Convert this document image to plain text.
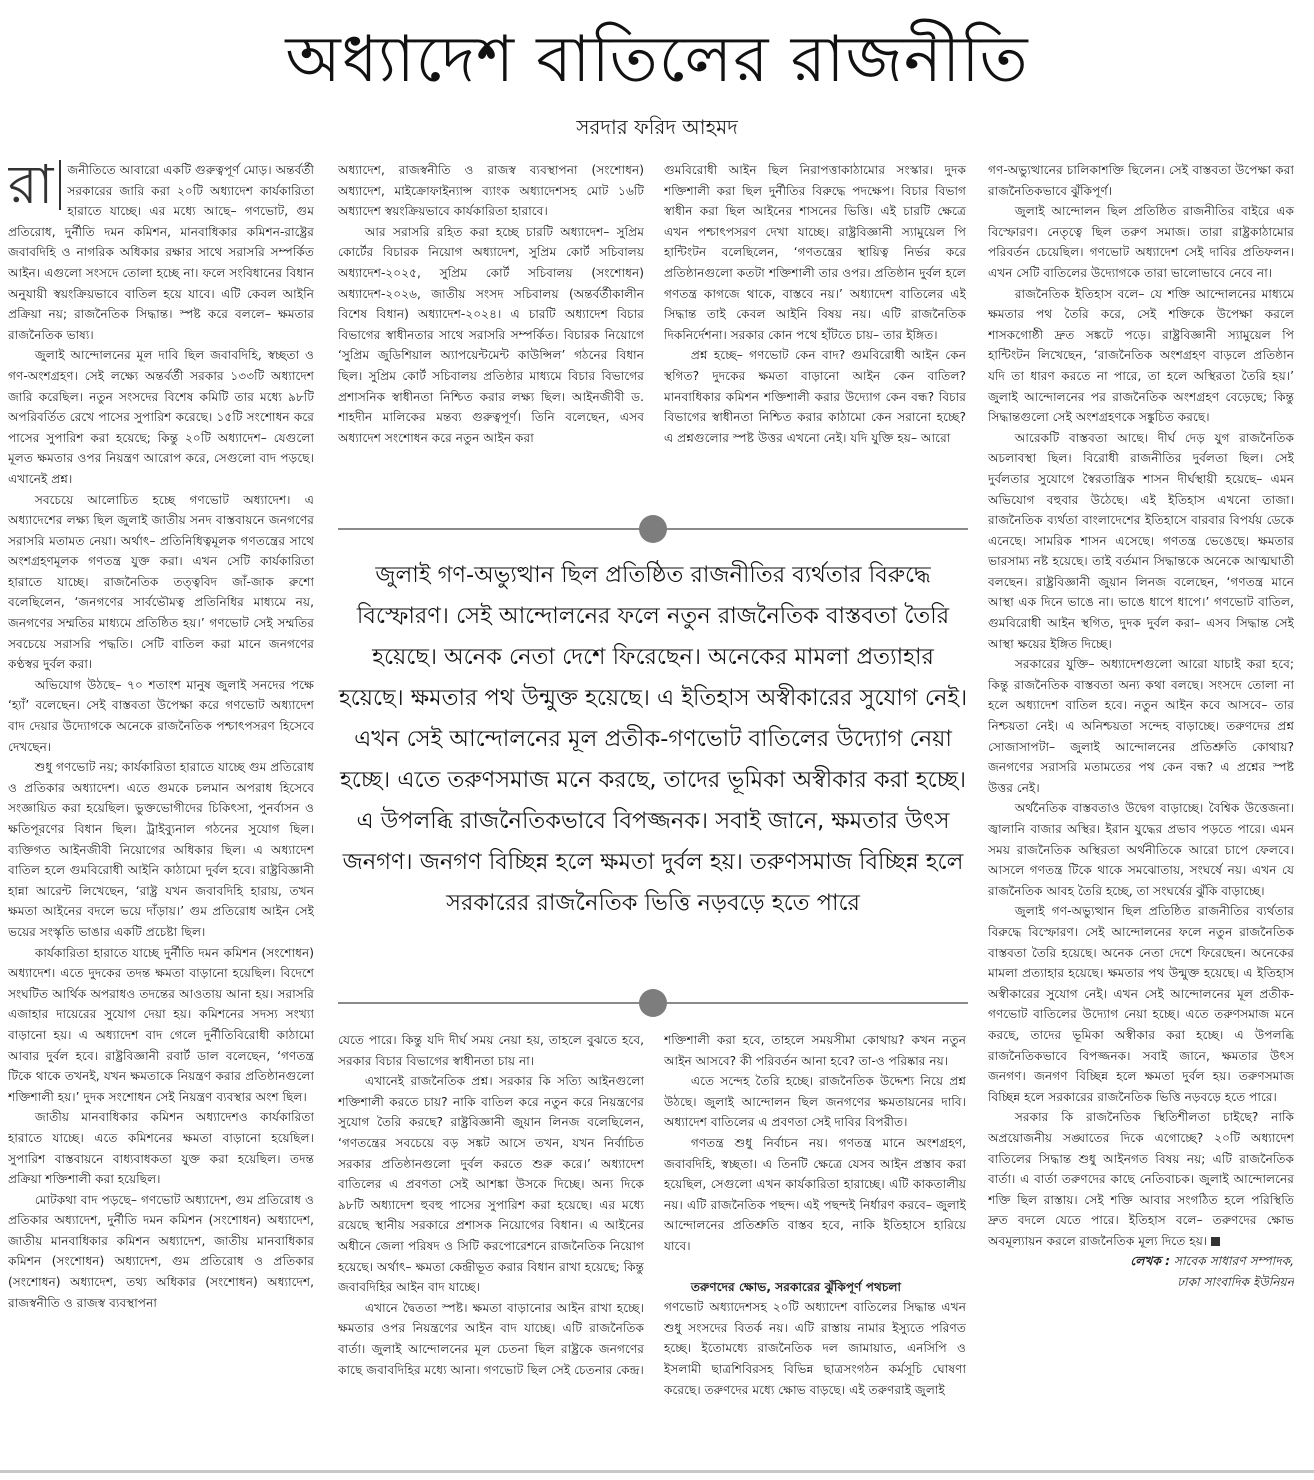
অধ্যাদেশ বাতিলের রাজনীতি
সরদার ফরিদ আহমদ

রা	জনীতিতে আবারো একটি গুরুত্বপূর্ণ মোড়। অন্তর্বর্তী সরকারের জারি করা ২০টি অধ্যাদেশ কার্যকারিতা হারাতে যাচ্ছে। এর মধ্যে আছে– গণভোট, গুম প্রতিরোধ, দুর্নীতি দমন কমিশন, মানবাধিকার কমিশন-রাষ্ট্রের জবাবদিহি ও নাগরিক অধিকার রক্ষার সাথে সরাসরি সম্পর্কিত আইন। এগুলো সংসদে তোলা হচ্ছে না। ফলে সংবিধানের বিধান অনুযায়ী স্বয়ংক্রিয়ভাবে বাতিল হয়ে যাবে। এটি কেবল আইনি প্রক্রিয়া নয়; রাজনৈতিক সিদ্ধান্ত। স্পষ্ট করে বললে– ক্ষমতার রাজনৈতিক ভাষ্য।

জুলাই আন্দোলনের মূল দাবি ছিল জবাবদিহি, স্বচ্ছতা ও গণ-অংশগ্রহণ। সেই লক্ষ্যে অন্তর্বর্তী সরকার ১৩৩টি অধ্যাদেশ জারি করেছিল। নতুন সংসদের বিশেষ কমিটি তার মধ্যে ৯৮টি অপরিবর্তিত রেখে পাসের সুপারিশ করেছে। ১৫টি সংশোধন করে পাসের সুপারিশ করা হয়েছে; কিন্তু ২০টি অধ্যাদেশ– যেগুলো মূলত ক্ষমতার ওপর নিয়ন্ত্রণ আরোপ করে, সেগুলো বাদ পড়ছে। এখানেই প্রশ্ন।

সবচেয়ে আলোচিত হচ্ছে গণভোট অধ্যাদেশ। এ অধ্যাদেশের লক্ষ্য ছিল জুলাই জাতীয় সনদ বাস্তবায়নে জনগণের সরাসরি মতামত নেয়া। অর্থাৎ– প্রতিনিধিত্বমূলক গণতন্ত্রের সাথে অংশগ্রহণমূলক গণতন্ত্র যুক্ত করা। এখন সেটি কার্যকারিতা হারাতে যাচ্ছে। রাজনৈতিক তত্ত্ববিদ জাঁ-জাক রুশো বলেছিলেন, ‘জনগণের সার্বভৌমত্ব প্রতিনিধির মাধ্যমে নয়, জনগণের সম্মতির মাধ্যমে প্রতিষ্ঠিত হয়।’ গণভোট সেই সম্মতির সবচেয়ে সরাসরি পদ্ধতি। সেটি বাতিল করা মানে জনগণের কণ্ঠস্বর দুর্বল করা।

অভিযোগ উঠছে– ৭০ শতাংশ মানুষ জুলাই সনদের পক্ষে ‘হ্যাঁ’ বলেছেন। সেই বাস্তবতা উপেক্ষা করে গণভোট অধ্যাদেশ বাদ দেয়ার উদ্যোগকে অনেকে রাজনৈতিক পশ্চাৎপসরণ হিসেবে দেখছেন।

শুধু গণভোট নয়; কার্যকারিতা হারাতে যাচ্ছে গুম প্রতিরোধ ও প্রতিকার অধ্যাদেশ। এতে গুমকে চলমান অপরাধ হিসেবে সংজ্ঞায়িত করা হয়েছিল। ভুক্তভোগীদের চিকিৎসা, পুনর্বাসন ও ক্ষতিপূরণের বিধান ছিল। ট্রাইব্যুনাল গঠনের সুযোগ ছিল। ব্যক্তিগত আইনজীবী নিয়োগের অধিকার ছিল। এ অধ্যাদেশ বাতিল হলে গুমবিরোধী আইনি কাঠামো দুর্বল হবে। রাষ্ট্রবিজ্ঞানী হান্না আরেন্ট লিখেছেন, ‘রাষ্ট্র যখন জবাবদিহি হারায়, তখন ক্ষমতা আইনের বদলে ভয়ে দাঁড়ায়।’ গুম প্রতিরোধ আইন সেই ভয়ের সংস্কৃতি ভাঙার একটি প্রচেষ্টা ছিল।

কার্যকারিতা হারাতে যাচ্ছে দুর্নীতি দমন কমিশন (সংশোধন) অধ্যাদেশ। এতে দুদকের তদন্ত ক্ষমতা বাড়ানো হয়েছিল। বিদেশে সংঘটিত আর্থিক অপরাধও তদন্তের আওতায় আনা হয়। সরাসরি এজাহার দায়েরের সুযোগ দেয়া হয়। কমিশনের সদস্য সংখ্যা বাড়ানো হয়। এ অধ্যাদেশ বাদ গেলে দুর্নীতিবিরোধী কাঠামো আবার দুর্বল হবে। রাষ্ট্রবিজ্ঞানী রবার্ট ডাল বলেছেন, ‘গণতন্ত্র টিকে থাকে তখনই, যখন ক্ষমতাকে নিয়ন্ত্রণ করার প্রতিষ্ঠানগুলো শক্তিশালী হয়।’ দুদক সংশোধন সেই নিয়ন্ত্রণ ব্যবস্থার অংশ ছিল।

জাতীয় মানবাধিকার কমিশন অধ্যাদেশও কার্যকারিতা হারাতে যাচ্ছে। এতে কমিশনের ক্ষমতা বাড়ানো হয়েছিল। সুপারিশ বাস্তবায়নে বাধ্যবাধকতা যুক্ত করা হয়েছিল। তদন্ত প্রক্রিয়া শক্তিশালী করা হয়েছিল।

মোটকথা বাদ পড়ছে– গণভোট অধ্যাদেশ, গুম প্রতিরোধ ও প্রতিকার অধ্যাদেশ, দুর্নীতি দমন কমিশন (সংশোধন) অধ্যাদেশ, জাতীয় মানবাধিকার কমিশন অধ্যাদেশ, জাতীয় মানবাধিকার কমিশন (সংশোধন) অধ্যাদেশ, গুম প্রতিরোধ ও প্রতিকার (সংশোধন) অধ্যাদেশ, তথ্য অধিকার (সংশোধন) অধ্যাদেশ, রাজস্বনীতি ও রাজস্ব ব্যবস্থাপনা

অধ্যাদেশ, রাজস্বনীতি ও রাজস্ব ব্যবস্থাপনা (সংশোধন) অধ্যাদেশ, মাইক্রোফাইন্যান্স ব্যাংক অধ্যাদেশসহ মোট ১৬টি অধ্যাদেশ স্বয়ংক্রিয়ভাবে কার্যকারিতা হারাবে।

আর সরাসরি রহিত করা হচ্ছে চারটি অধ্যাদেশ– সুপ্রিম কোর্টের বিচারক নিয়োগ অধ্যাদেশ, সুপ্রিম কোর্ট সচিবালয় অধ্যাদেশ-২০২৫, সুপ্রিম কোর্ট সচিবালয় (সংশোধন) অধ্যাদেশ-২০২৬, জাতীয় সংসদ সচিবালয় (অন্তর্বর্তীকালীন বিশেষ বিধান) অধ্যাদেশ-২০২৪। এ চারটি অধ্যাদেশ বিচার বিভাগের স্বাধীনতার সাথে সরাসরি সম্পর্কিত। বিচারক নিয়োগে ‘সুপ্রিম জুডিশিয়াল অ্যাপয়েন্টমেন্ট কাউন্সিল’ গঠনের বিধান ছিল। সুপ্রিম কোর্ট সচিবালয় প্রতিষ্ঠার মাধ্যমে বিচার বিভাগের প্রশাসনিক স্বাধীনতা নিশ্চিত করার লক্ষ্য ছিল। আইনজীবী ড. শাহদীন মালিকের মন্তব্য গুরুত্বপূর্ণ। তিনি বলেছেন, এসব অধ্যাদেশ সংশোধন করে নতুন আইন করা

গুমবিরোধী আইন ছিল নিরাপত্তাকাঠামোর সংস্কার। দুদক শক্তিশালী করা ছিল দুর্নীতির বিরুদ্ধে পদক্ষেপ। বিচার বিভাগ স্বাধীন করা ছিল আইনের শাসনের ভিত্তি। এই চারটি ক্ষেত্রে এখন পশ্চাৎপসরণ দেখা যাচ্ছে। রাষ্ট্রবিজ্ঞানী স্যামুয়েল পি হান্টিংটন বলেছিলেন, ‘গণতন্ত্রের স্থায়িত্ব নির্ভর করে প্রতিষ্ঠানগুলো কতটা শক্তিশালী তার ওপর। প্রতিষ্ঠান দুর্বল হলে গণতন্ত্র কাগজে থাকে, বাস্তবে নয়।’ অধ্যাদেশ বাতিলের এই সিদ্ধান্ত তাই কেবল আইনি বিষয় নয়। এটি রাজনৈতিক দিকনির্দেশনা। সরকার কোন পথে হাঁটতে চায়– তার ইঙ্গিত।

প্রশ্ন হচ্ছে– গণভোট কেন বাদ? গুমবিরোধী আইন কেন স্থগিত? দুদকের ক্ষমতা বাড়ানো আইন কেন বাতিল? মানবাধিকার কমিশন শক্তিশালী করার উদ্যোগ কেন বন্ধ? বিচার বিভাগের স্বাধীনতা নিশ্চিত করার কাঠামো কেন সরানো হচ্ছে? এ প্রশ্নগুলোর স্পষ্ট উত্তর এখনো নেই। যদি যুক্তি হয়– আরো

জুলাই গণ-অভ্যুত্থান ছিল প্রতিষ্ঠিত রাজনীতির ব্যর্থতার বিরুদ্ধে বিস্ফোরণ। সেই আন্দোলনের ফলে নতুন রাজনৈতিক বাস্তবতা তৈরি হয়েছে। অনেক নেতা দেশে ফিরেছেন। অনেকের মামলা প্রত্যাহার হয়েছে। ক্ষমতার পথ উন্মুক্ত হয়েছে। এ ইতিহাস অস্বীকারের সুযোগ নেই। এখন সেই আন্দোলনের মূল প্রতীক-গণভোট বাতিলের উদ্যোগ নেয়া হচ্ছে। এতে তরুণসমাজ মনে করছে, তাদের ভূমিকা অস্বীকার করা হচ্ছে। এ উপলব্ধি রাজনৈতিকভাবে বিপজ্জনক। সবাই জানে, ক্ষমতার উৎস জনগণ। জনগণ বিচ্ছিন্ন হলে ক্ষমতা দুর্বল হয়। তরুণসমাজ বিচ্ছিন্ন হলে সরকারের রাজনৈতিক ভিত্তি নড়বড়ে হতে পারে

যেতে পারে। কিন্তু যদি দীর্ঘ সময় নেয়া হয়, তাহলে বুঝতে হবে, সরকার বিচার বিভাগের স্বাধীনতা চায় না।

এখানেই রাজনৈতিক প্রশ্ন। সরকার কি সত্যি আইনগুলো শক্তিশালী করতে চায়? নাকি বাতিল করে নতুন করে নিয়ন্ত্রণের সুযোগ তৈরি করছে? রাষ্ট্রবিজ্ঞানী জুয়ান লিনজ বলেছিলেন, ‘গণতন্ত্রের সবচেয়ে বড় সঙ্কট আসে তখন, যখন নির্বাচিত সরকার প্রতিষ্ঠানগুলো দুর্বল করতে শুরু করে।’ অধ্যাদেশ বাতিলের এ প্রবণতা সেই আশঙ্কা উসকে দিচ্ছে। অন্য দিকে ৯৮টি অধ্যাদেশ হুবহু পাসের সুপারিশ করা হয়েছে। এর মধ্যে রয়েছে স্থানীয় সরকারে প্রশাসক নিয়োগের বিধান। এ আইনের অধীনে জেলা পরিষদ ও সিটি করপোরেশনে রাজনৈতিক নিয়োগ হয়েছে। অর্থাৎ– ক্ষমতা কেন্দ্রীভূত করার বিধান রাখা হয়েছে; কিন্তু জবাবদিহির আইন বাদ যাচ্ছে।

এখানে দ্বৈততা স্পষ্ট। ক্ষমতা বাড়ানোর আইন রাখা হচ্ছে। ক্ষমতার ওপর নিয়ন্ত্রণের আইন বাদ যাচ্ছে। এটি রাজনৈতিক বার্তা। জুলাই আন্দোলনের মূল চেতনা ছিল রাষ্ট্রকে জনগণের কাছে জবাবদিহির মধ্যে আনা। গণভোট ছিল সেই চেতনার কেন্দ্র।

শক্তিশালী করা হবে, তাহলে সময়সীমা কোথায়? কখন নতুন আইন আসবে? কী পরিবর্তন আনা হবে? তা-ও পরিষ্কার নয়।

এতে সন্দেহ তৈরি হচ্ছে। রাজনৈতিক উদ্দেশ্য নিয়ে প্রশ্ন উঠছে। জুলাই আন্দোলন ছিল জনগণের ক্ষমতায়নের দাবি। অধ্যাদেশ বাতিলের এ প্রবণতা সেই দাবির বিপরীত।

গণতন্ত্র শুধু নির্বাচন নয়। গণতন্ত্র মানে অংশগ্রহণ, জবাবদিহি, স্বচ্ছতা। এ তিনটি ক্ষেত্রে যেসব আইন প্রস্তাব করা হয়েছিল, সেগুলো এখন কার্যকারিতা হারাচ্ছে। এটি কাকতালীয় নয়। এটি রাজনৈতিক পছন্দ। এই পছন্দই নির্ধারণ করবে– জুলাই আন্দোলনের প্রতিশ্রুতি বাস্তব হবে, নাকি ইতিহাসে হারিয়ে যাবে।

তরুণদের ক্ষোভ, সরকারের ঝুঁকিপূর্ণ পথচলা

গণভোট অধ্যাদেশসহ ২০টি অধ্যাদেশ বাতিলের সিদ্ধান্ত এখন শুধু সংসদের বিতর্ক নয়। এটি রাস্তায় নামার ইস্যুতে পরিণত হচ্ছে। ইতোমধ্যে রাজনৈতিক দল জামায়াত, এনসিপি ও ইসলামী ছাত্রশিবিরসহ বিভিন্ন ছাত্রসংগঠন কর্মসূচি ঘোষণা করেছে। তরুণদের মধ্যে ক্ষোভ বাড়ছে। এই তরুণরাই জুলাই

গণ-অভ্যুত্থানের চালিকাশক্তি ছিলেন। সেই বাস্তবতা উপেক্ষা করা রাজনৈতিকভাবে ঝুঁকিপূর্ণ।

জুলাই আন্দোলন ছিল প্রতিষ্ঠিত রাজনীতির বাইরে এক বিস্ফোরণ। নেতৃত্বে ছিল তরুণ সমাজ। তারা রাষ্ট্রকাঠামোর পরিবর্তন চেয়েছিল। গণভোট অধ্যাদেশ সেই দাবির প্রতিফলন। এখন সেটি বাতিলের উদ্যোগকে তারা ভালোভাবে নেবে না।

রাজনৈতিক ইতিহাস বলে– যে শক্তি আন্দোলনের মাধ্যমে ক্ষমতার পথ তৈরি করে, সেই শক্তিকে উপেক্ষা করলে শাসকগোষ্ঠী দ্রুত সঙ্কটে পড়ে। রাষ্ট্রবিজ্ঞানী স্যামুয়েল পি হান্টিংটন লিখেছেন, ‘রাজনৈতিক অংশগ্রহণ বাড়লে প্রতিষ্ঠান যদি তা ধারণ করতে না পারে, তা হলে অস্থিরতা তৈরি হয়।’ জুলাই আন্দোলনের পর রাজনৈতিক অংশগ্রহণ বেড়েছে; কিন্তু সিদ্ধান্তগুলো সেই অংশগ্রহণকে সঙ্কুচিত করছে।

আরেকটি বাস্তবতা আছে। দীর্ঘ দেড় যুগ রাজনৈতিক অচলাবস্থা ছিল। বিরোধী রাজনীতির দুর্বলতা ছিল। সেই দুর্বলতার সুযোগে স্বৈরতান্ত্রিক শাসন দীর্ঘস্থায়ী হয়েছে– এমন অভিযোগ বহুবার উঠেছে। এই ইতিহাস এখনো তাজা। রাজনৈতিক ব্যর্থতা বাংলাদেশের ইতিহাসে বারবার বিপর্যয় ডেকে এনেছে। সামরিক শাসন এসেছে। গণতন্ত্র ভেঙেছে। ক্ষমতার ভারসাম্য নষ্ট হয়েছে। তাই বর্তমান সিদ্ধান্তকে অনেকে আত্মঘাতী বলছেন। রাষ্ট্রবিজ্ঞানী জুয়ান লিনজ বলেছেন, ‘গণতন্ত্র মানে আস্থা এক দিনে ভাঙে না। ভাঙে ধাপে ধাপে।’ গণভোট বাতিল, গুমবিরোধী আইন স্থগিত, দুদক দুর্বল করা– এসব সিদ্ধান্ত সেই আস্থা ক্ষয়ের ইঙ্গিত দিচ্ছে।

সরকারের যুক্তি– অধ্যাদেশগুলো আরো যাচাই করা হবে; কিন্তু রাজনৈতিক বাস্তবতা অন্য কথা বলছে। সংসদে তোলা না হলে অধ্যাদেশ বাতিল হবে। নতুন আইন কবে আসবে– তার নিশ্চয়তা নেই। এ অনিশ্চয়তা সন্দেহ বাড়াচ্ছে। তরুণদের প্রশ্ন সোজাসাপটা– জুলাই আন্দোলনের প্রতিশ্রুতি কোথায়? জনগণের সরাসরি মতামতের পথ কেন বন্ধ? এ প্রশ্নের স্পষ্ট উত্তর নেই।

অর্থনৈতিক বাস্তবতাও উদ্বেগ বাড়াচ্ছে। বৈশ্বিক উত্তেজনা। জ্বালানি বাজার অস্থির। ইরান যুদ্ধের প্রভাব পড়তে পারে। এমন সময় রাজনৈতিক অস্থিরতা অর্থনীতিকে আরো চাপে ফেলবে। আসলে গণতন্ত্র টিকে থাকে সমঝোতায়, সংঘর্ষে নয়। এখন যে রাজনৈতিক আবহ তৈরি হচ্ছে, তা সংঘর্ষের ঝুঁকি বাড়াচ্ছে।

জুলাই গণ-অভ্যুত্থান ছিল প্রতিষ্ঠিত রাজনীতির ব্যর্থতার বিরুদ্ধে বিস্ফোরণ। সেই আন্দোলনের ফলে নতুন রাজনৈতিক বাস্তবতা তৈরি হয়েছে। অনেক নেতা দেশে ফিরেছেন। অনেকের মামলা প্রত্যাহার হয়েছে। ক্ষমতার পথ উন্মুক্ত হয়েছে। এ ইতিহাস অস্বীকারের সুযোগ নেই। এখন সেই আন্দোলনের মূল প্রতীক-গণভোট বাতিলের উদ্যোগ নেয়া হচ্ছে। এতে তরুণসমাজ মনে করছে, তাদের ভূমিকা অস্বীকার করা হচ্ছে। এ উপলব্ধি রাজনৈতিকভাবে বিপজ্জনক। সবাই জানে, ক্ষমতার উৎস জনগণ। জনগণ বিচ্ছিন্ন হলে ক্ষমতা দুর্বল হয়। তরুণসমাজ বিচ্ছিন্ন হলে সরকারের রাজনৈতিক ভিত্তি নড়বড়ে হতে পারে।

সরকার কি রাজনৈতিক স্থিতিশীলতা চাইছে? নাকি অপ্রয়োজনীয় সঙ্ঘাতের দিকে এগোচ্ছে? ২০টি অধ্যাদেশ বাতিলের সিদ্ধান্ত শুধু আইনগত বিষয় নয়; এটি রাজনৈতিক বার্তা। এ বার্তা তরুণদের কাছে নেতিবাচক। জুলাই আন্দোলনের শক্তি ছিল রাস্তায়। সেই শক্তি আবার সংগঠিত হলে পরিস্থিতি দ্রুত বদলে যেতে পারে। ইতিহাস বলে– তরুণদের ক্ষোভ অবমূল্যায়ন করলে রাজনৈতিক মূল্য দিতে হয়।

লেখক : সাবেক সাধারণ সম্পাদক,

ঢাকা সাংবাদিক ইউনিয়ন
